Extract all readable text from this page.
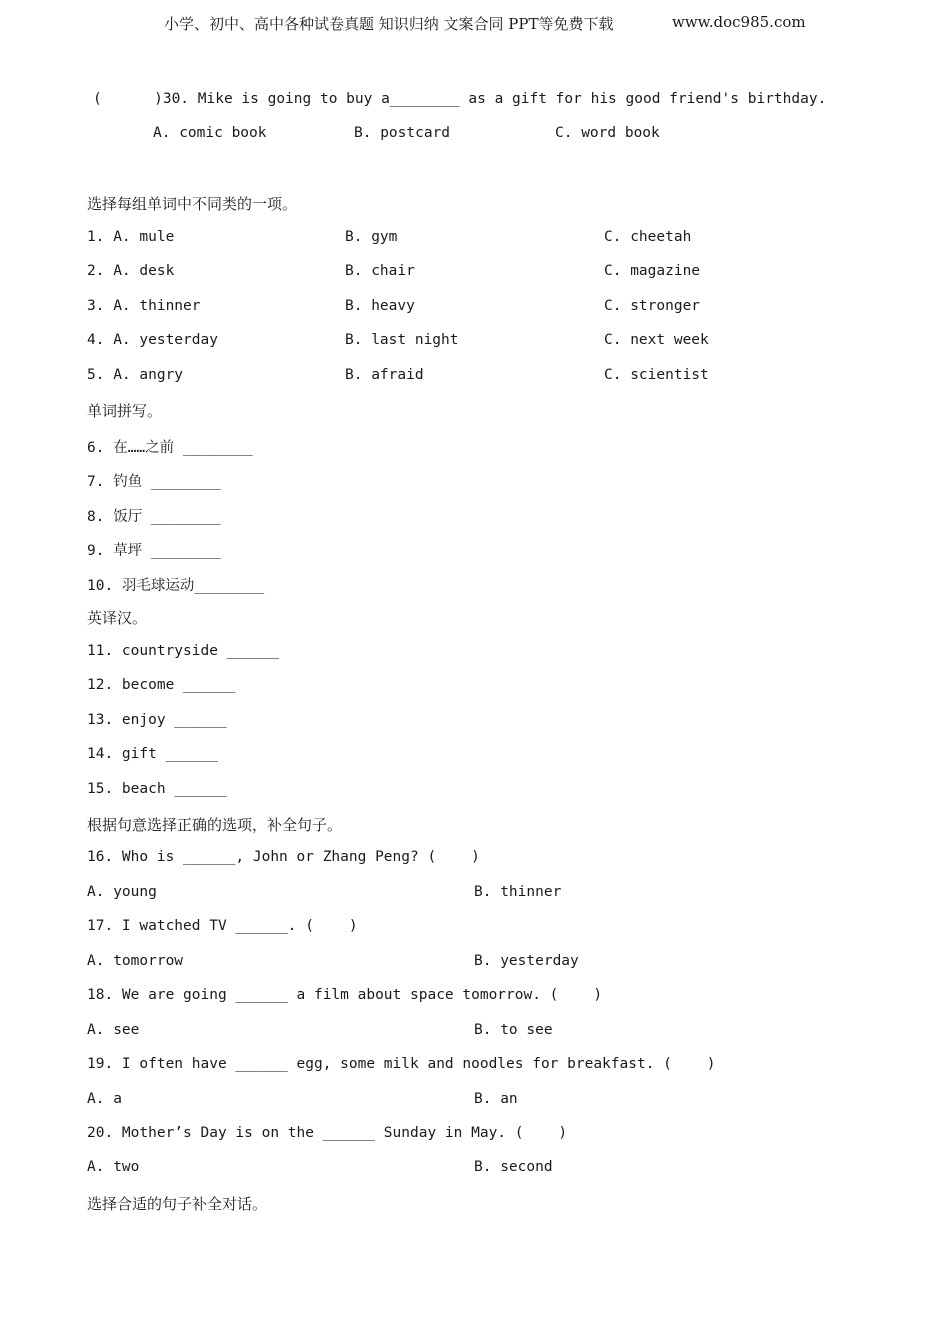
小学、初中、高中各种试卷真题 知识归纳 文案合同 PPT等免费下载	www.doc985.com
(      )30. Mike is going to buy a________ as a gift for his good friend's birthday.
A. comic book	B. postcard	C. word book
选择每组单词中不同类的一项。
1. A. mule	B. gym	C. cheetah
2. A. desk	B. chair	C. magazine
3. A. thinner	B. heavy	C. stronger
4. A. yesterday	B. last night	C. next week
5. A. angry	B. afraid	C. scientist
单词拼写。
6. 在……之前 ________
7. 钓鱼 ________
8. 饭厅 ________
9. 草坪 ________
10. 羽毛球运动________
英译汉。
11. countryside ______
12. become ______
13. enjoy ______
14. gift ______
15. beach ______
根据句意选择正确的选项，补全句子。
16. Who is ______, John or Zhang Peng? (    )
A. young	B. thinner
17. I watched TV ______. (    )
A. tomorrow	B. yesterday
18. We are going ______ a film about space tomorrow. (    )
A. see	B. to see
19. I often have ______ egg, some milk and noodles for breakfast. (    )
A. a	B. an
20. Mother’s Day is on the ______ Sunday in May. (    )
A. two	B. second
选择合适的句子补全对话。
